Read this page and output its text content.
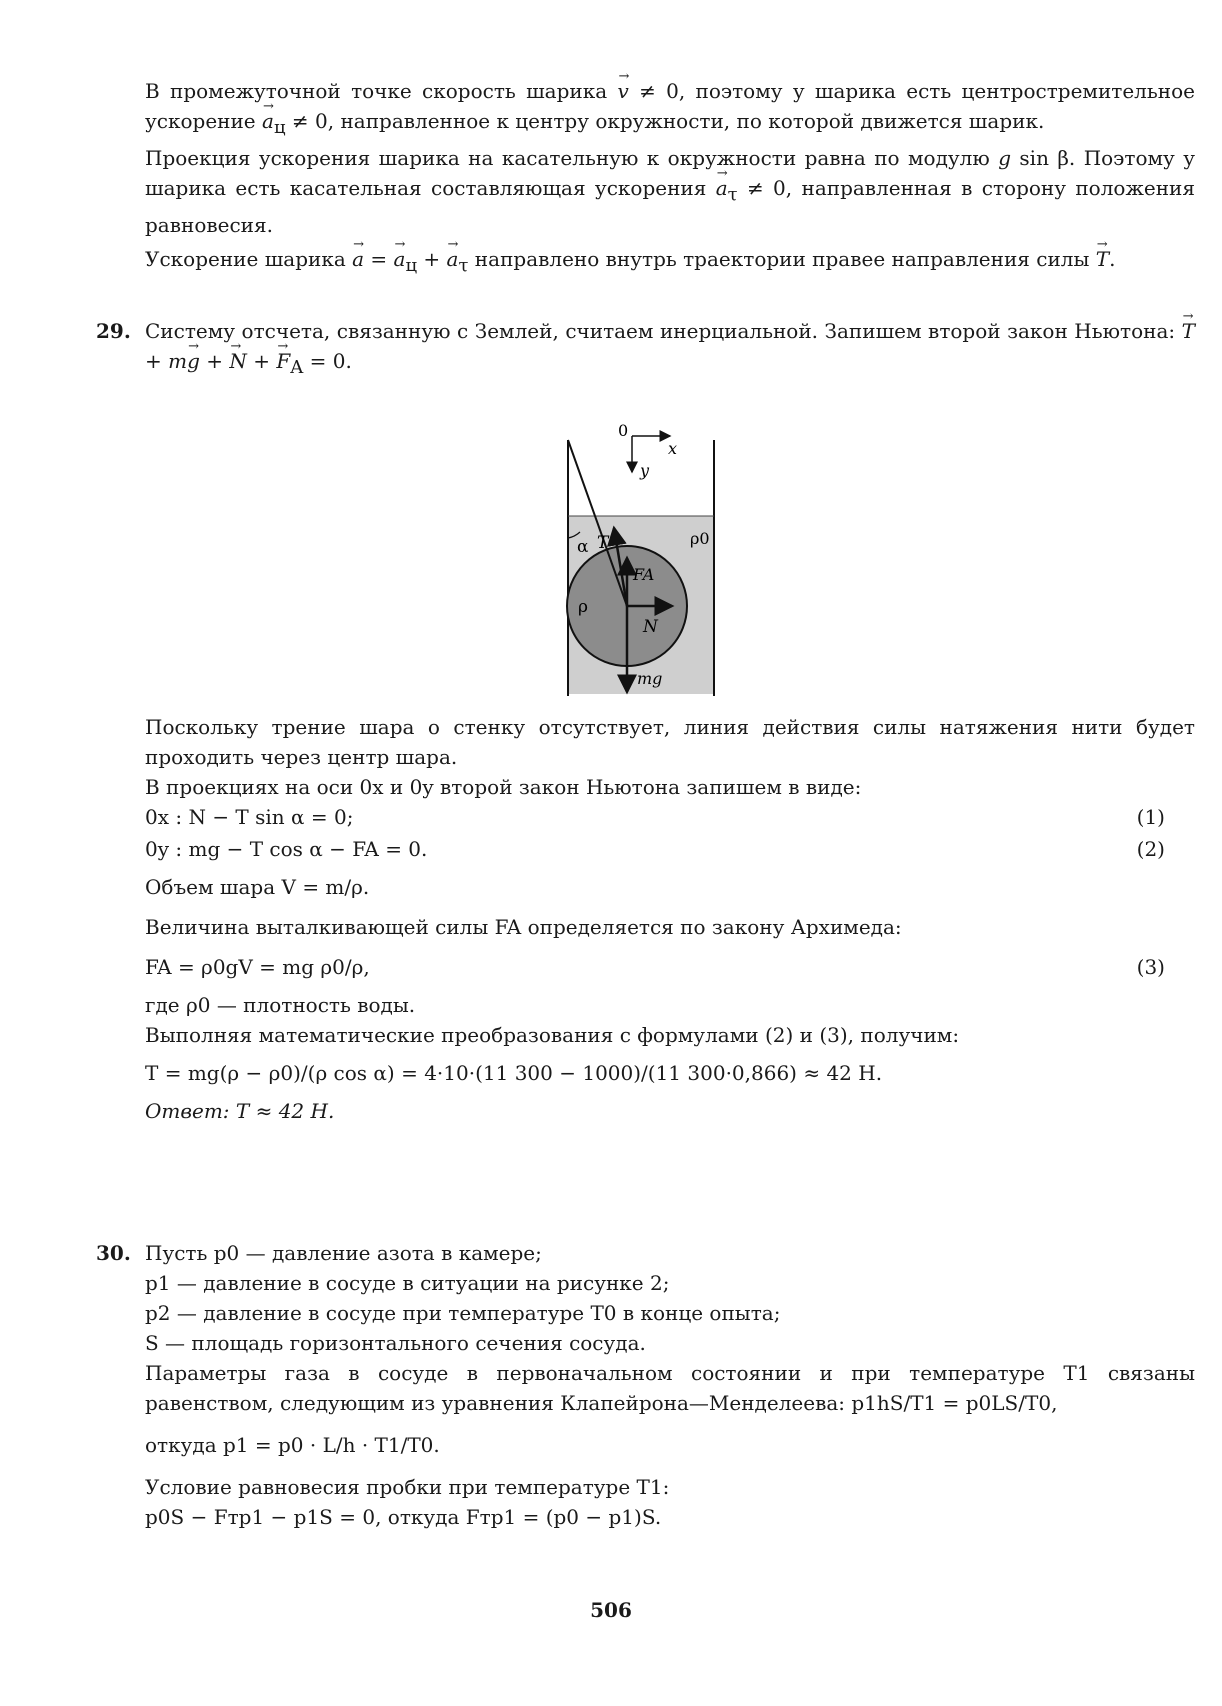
В промежуточной точке скорость шарика → v ≠ 0, поэтому у шарика есть центростремительное ускорение → $a_ц \ne 0$, направленное к центру окружности, по которой движется шарик.

Проекция ускорения шарика на касательную к окружности равна по модулю g sin β. Поэтому у шарика есть касательная составляющая ускорения → $a_\tau \ne 0$, направленная в сторону положения равновесия.

Ускорение шарика → a = → $a_ц$ + → $a_\tau$ направлено внутрь траектории правее направления силы → T.

29. Систему отсчета, связанную с Землей, считаем инерциальной. Запишем второй закон Ньютона: → T + m→ g + → N + → $F_A = 0$.

0
x
y
α T	ρ0
FA
ρ
N
mg

Поскольку трение шара о стенку отсутствует, линия действия силы натяжения нити будет проходить через центр шара.

В проекциях на оси 0x и 0y второй закон Ньютона запишем в виде:

0x : N − T sin α = 0;	(1)
0y : mg − T cos α − FA = 0.	(2)

Объем шара V = m/ρ.

Величина выталкивающей силы FA определяется по закону Архимеда:

FA = ρ0gV = mg ρ0/ρ,	(3)

где ρ0 — плотность воды.

Выполняя математические преобразования с формулами (2) и (3), получим:

T = mg(ρ − ρ0)/(ρ cos α) = 4·10·(11 300 − 1000)/(11 300·0,866) ≈ 42 Н.

Ответ: T ≈ 42 Н.

30. Пусть p0 — давление азота в камере;

p1 — давление в сосуде в ситуации на рисунке 2;

p2 — давление в сосуде при температуре T0 в конце опыта;

S — площадь горизонтального сечения сосуда.

Параметры газа в сосуде в первоначальном состоянии и при температуре T1 связаны равенством, следующим из уравнения Клапейрона—Менделеева: p1hS/T1 = p0LS/T0,

откуда p1 = p0 · L/h · T1/T0.

Условие равновесия пробки при температуре T1:

p0S − Fтр1 − p1S = 0, откуда Fтр1 = (p0 − p1)S.

506
